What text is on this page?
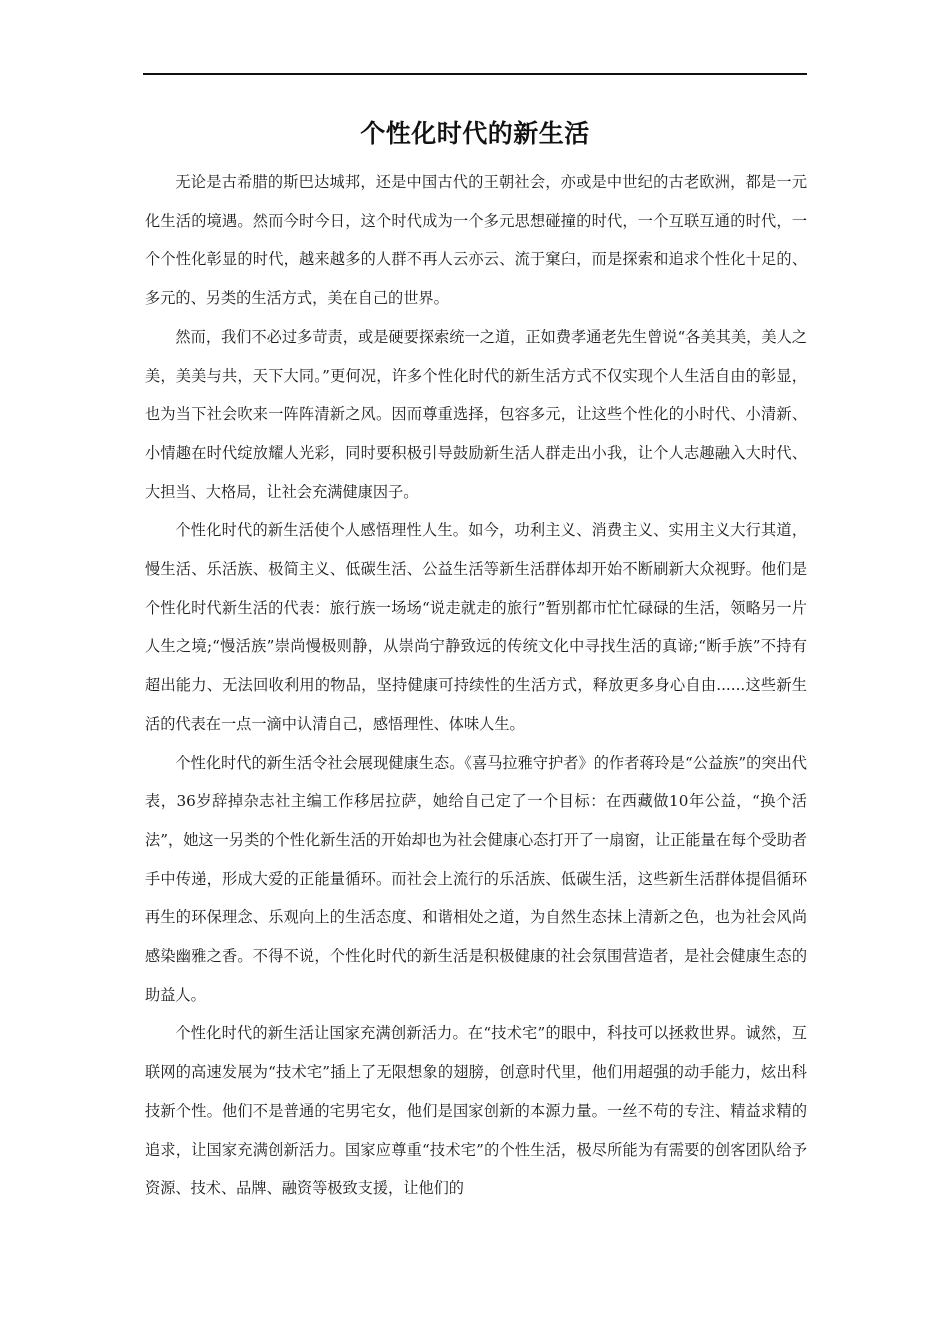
个性化时代的新生活

无论是古希腊的斯巴达城邦，还是中国古代的王朝社会，亦或是中世纪的古老欧洲，都是一元化生活的境遇。然而今时今日，这个时代成为一个多元思想碰撞的时代，一个互联互通的时代，一个个性化彰显的时代，越来越多的人群不再人云亦云、流于窠臼，而是探索和追求个性化十足的、多元的、另类的生活方式，美在自己的世界。

然而，我们不必过多苛责，或是硬要探索统一之道，正如费孝通老先生曾说“各美其美，美人之美，美美与共，天下大同。”更何况，许多个性化时代的新生活方式不仅实现个人生活自由的彰显，也为当下社会吹来一阵阵清新之风。因而尊重选择，包容多元，让这些个性化的小时代、小清新、小情趣在时代绽放耀人光彩，同时要积极引导鼓励新生活人群走出小我，让个人志趣融入大时代、大担当、大格局，让社会充满健康因子。

个性化时代的新生活使个人感悟理性人生。如今，功利主义、消费主义、实用主义大行其道，慢生活、乐活族、极简主义、低碳生活、公益生活等新生活群体却开始不断刷新大众视野。他们是个性化时代新生活的代表：旅行族一场场“说走就走的旅行”暂别都市忙忙碌碌的生活，领略另一片人生之境;“慢活族”崇尚慢极则静，从崇尚宁静致远的传统文化中寻找生活的真谛;“断手族”不持有超出能力、无法回收利用的物品，坚持健康可持续性的生活方式，释放更多身心自由......这些新生活的代表在一点一滴中认清自己，感悟理性、体味人生。

个性化时代的新生活令社会展现健康生态。《喜马拉雅守护者》的作者蒋玲是“公益族”的突出代表，36岁辞掉杂志社主编工作移居拉萨，她给自己定了一个目标：在西藏做10年公益，“换个活法”，她这一另类的个性化新生活的开始却也为社会健康心态打开了一扇窗，让正能量在每个受助者手中传递，形成大爱的正能量循环。而社会上流行的乐活族、低碳生活，这些新生活群体提倡循环再生的环保理念、乐观向上的生活态度、和谐相处之道，为自然生态抹上清新之色，也为社会风尚感染幽雅之香。不得不说，个性化时代的新生活是积极健康的社会氛围营造者，是社会健康生态的助益人。

个性化时代的新生活让国家充满创新活力。在“技术宅”的眼中，科技可以拯救世界。诚然，互联网的高速发展为“技术宅”插上了无限想象的翅膀，创意时代里，他们用超强的动手能力，炫出科技新个性。他们不是普通的宅男宅女，他们是国家创新的本源力量。一丝不苟的专注、精益求精的追求，让国家充满创新活力。国家应尊重“技术宅”的个性生活，极尽所能为有需要的创客团队给予资源、技术、品牌、融资等极致支援，让他们的
